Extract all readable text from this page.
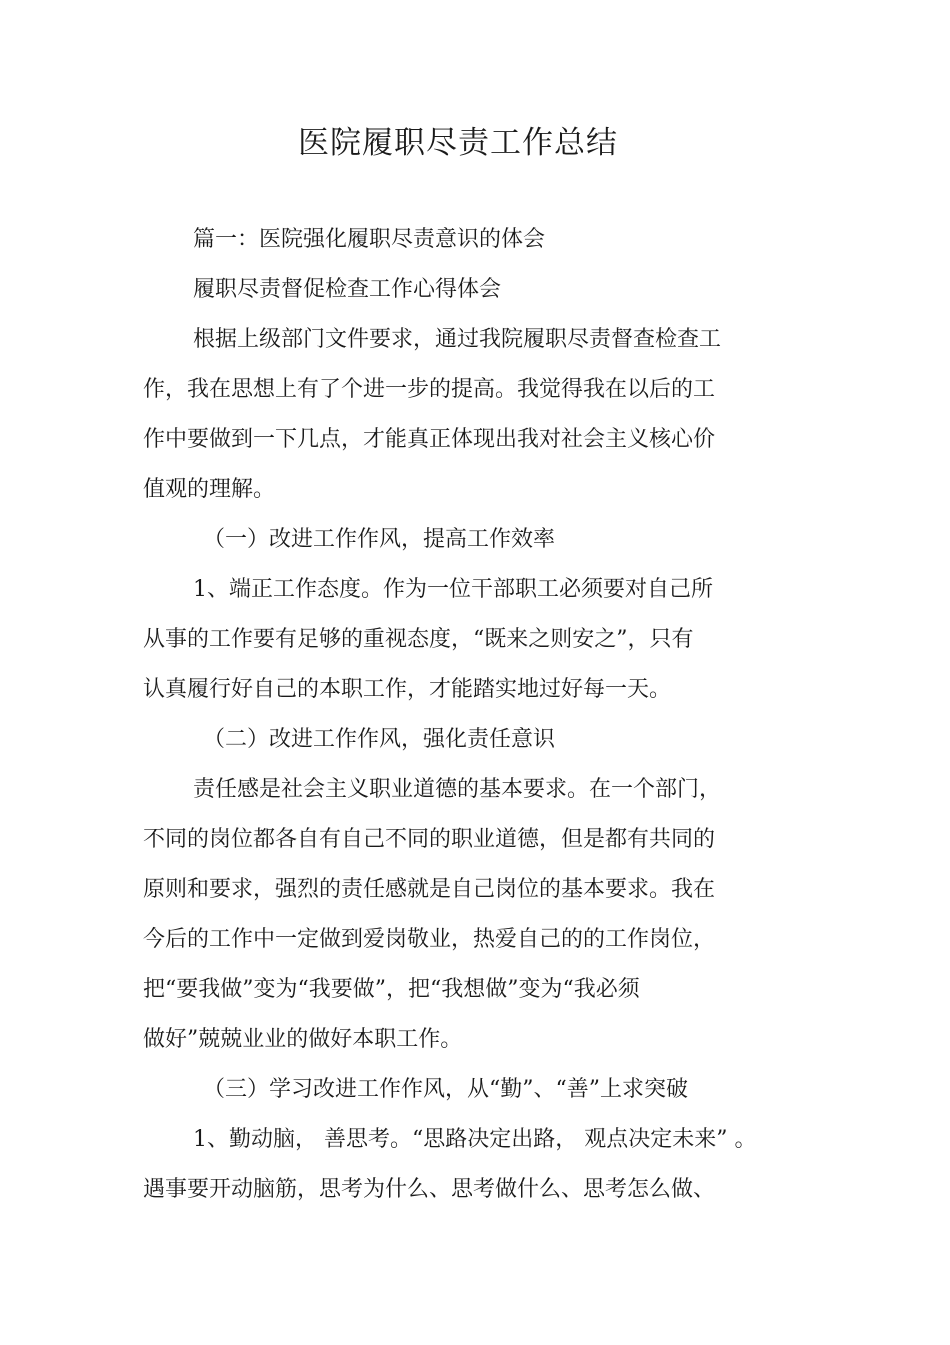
医院履职尽责工作总结
篇一：医院强化履职尽责意识的体会
履职尽责督促检查工作心得体会
根据上级部门文件要求，通过我院履职尽责督查检查工
作，我在思想上有了个进一步的提高。我觉得我在以后的工
作中要做到一下几点，才能真正体现出我对社会主义核心价
值观的理解。
（一）改进工作作风，提高工作效率
1、端正工作态度。作为一位干部职工必须要对自己所
从事的工作要有足够的重视态度，“既来之则安之”，只有
认真履行好自己的本职工作，才能踏实地过好每一天。
（二）改进工作作风，强化责任意识
责任感是社会主义职业道德的基本要求。在一个部门，
不同的岗位都各自有自己不同的职业道德，但是都有共同的
原则和要求，强烈的责任感就是自己岗位的基本要求。我在
今后的工作中一定做到爱岗敬业，热爱自己的的工作岗位，
把“要我做”变为“我要做”，把“我想做”变为“我必须
做好”兢兢业业的做好本职工作。
（三）学习改进工作作风，从“勤”、“善”上求突破
1、勤动脑， 善思考。“思路决定出路， 观点决定未来” 。
遇事要开动脑筋，思考为什么、思考做什么、思考怎么做、
